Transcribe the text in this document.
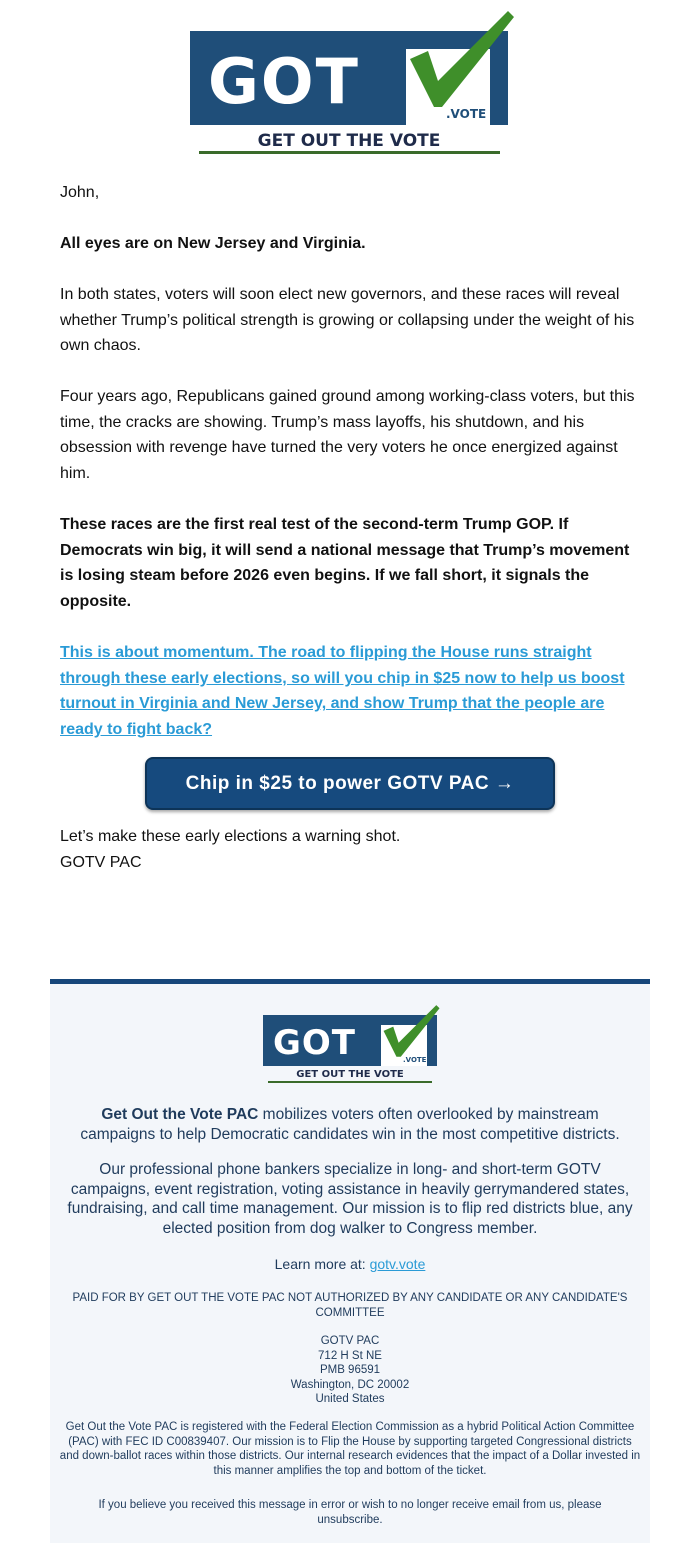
GOT	.VOTE
GET OUT THE VOTE
John,
All eyes are on New Jersey and Virginia.
In both states, voters will soon elect new governors, and these races will reveal whether Trump’s political strength is growing or collapsing under the weight of his own chaos.
Four years ago, Republicans gained ground among working-class voters, but this time, the cracks are showing. Trump’s mass layoffs, his shutdown, and his obsession with revenge have turned the very voters he once energized against him.
These races are the first real test of the second-term Trump GOP. If Democrats win big, it will send a national message that Trump’s movement is losing steam before 2026 even begins. If we fall short, it signals the opposite.
This is about momentum. The road to flipping the House runs straight through these early elections, so will you chip in $25 now to help us boost turnout in Virginia and New Jersey, and show Trump that the people are ready to fight back?
Chip in $25 to power GOTV PAC →
Let’s make these early elections a warning shot.
GOTV PAC
GOT	.VOTE
GET OUT THE VOTE
Get Out the Vote PAC mobilizes voters often overlooked by mainstream campaigns to help Democratic candidates win in the most competitive districts.
Our professional phone bankers specialize in long- and short-term GOTV campaigns, event registration, voting assistance in heavily gerrymandered states, fundraising, and call time management. Our mission is to flip red districts blue, any elected position from dog walker to Congress member.
Learn more at: gotv.vote
PAID FOR BY GET OUT THE VOTE PAC NOT AUTHORIZED BY ANY CANDIDATE OR ANY CANDIDATE'S COMMITTEE
GOTV PAC
712 H St NE
PMB 96591
Washington, DC 20002
United States
Get Out the Vote PAC is registered with the Federal Election Commission as a hybrid Political Action Committee (PAC) with FEC ID C00839407. Our mission is to Flip the House by supporting targeted Congressional districts and down-ballot races within those districts. Our internal research evidences that the impact of a Dollar invested in this manner amplifies the top and bottom of the ticket.
If you believe you received this message in error or wish to no longer receive email from us, please unsubscribe.
